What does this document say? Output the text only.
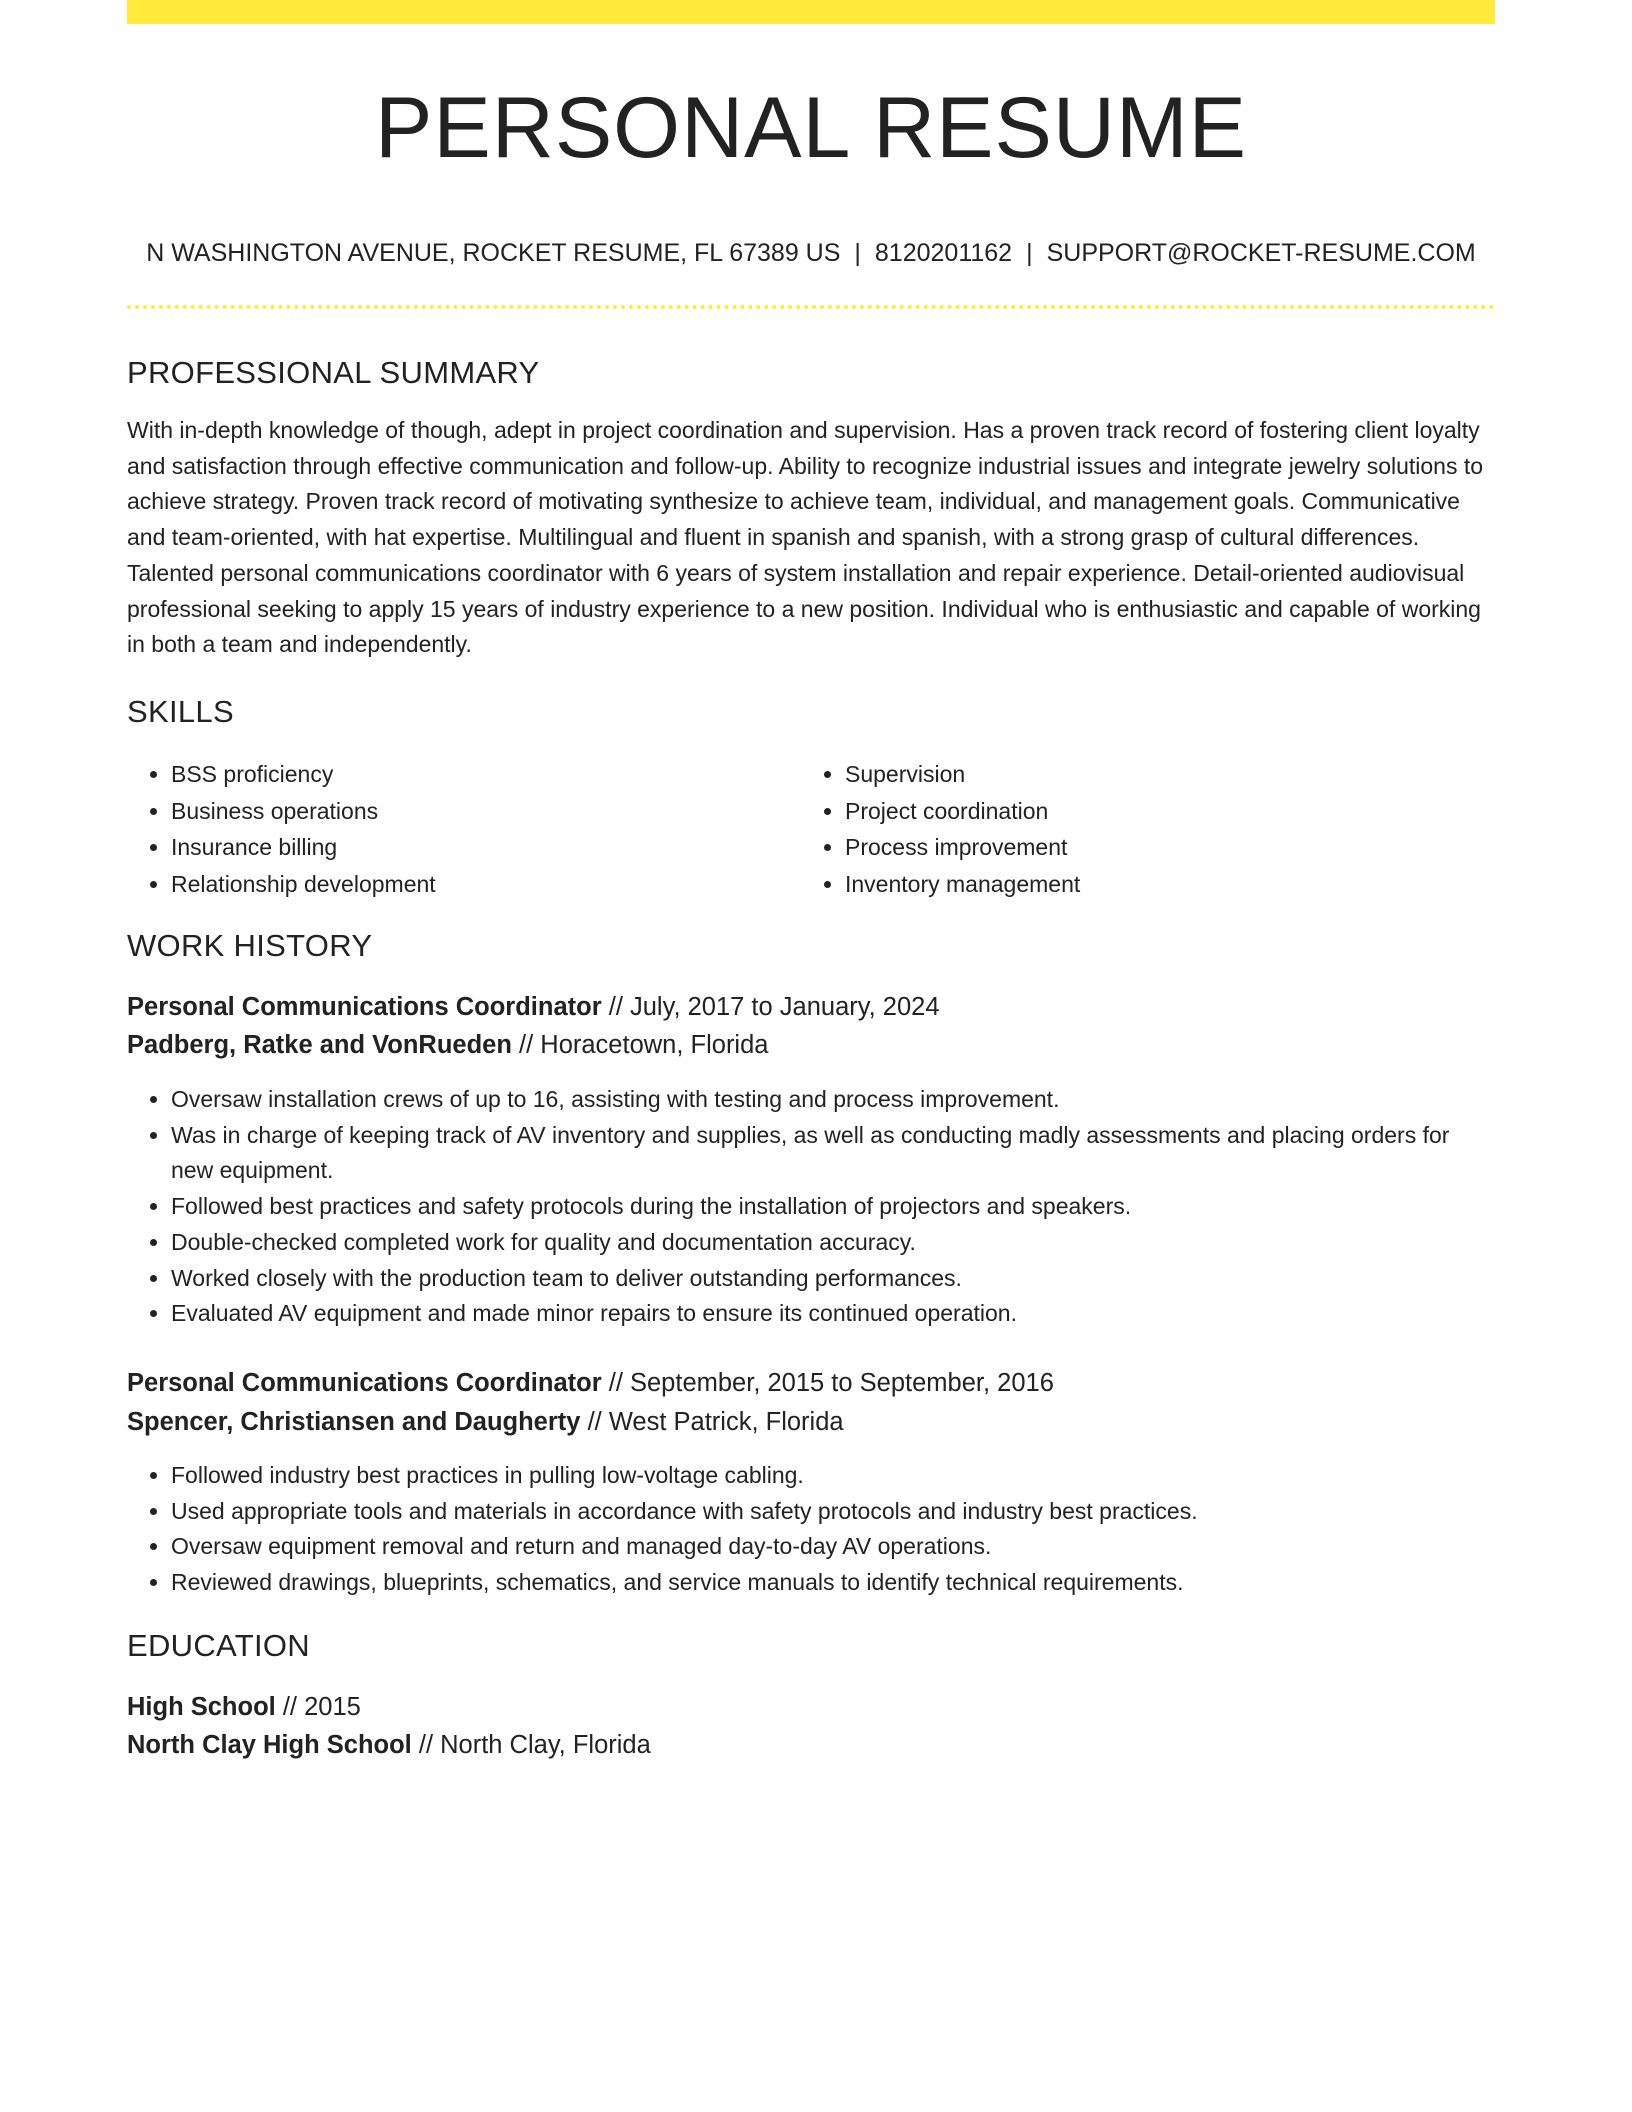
PERSONAL RESUME
N WASHINGTON AVENUE, ROCKET RESUME, FL 67389 US | 8120201162 | SUPPORT@ROCKET-RESUME.COM
PROFESSIONAL SUMMARY

With in-depth knowledge of though, adept in project coordination and supervision. Has a proven track record of fostering client loyalty and satisfaction through effective communication and follow-up. Ability to recognize industrial issues and integrate jewelry solutions to achieve strategy. Proven track record of motivating synthesize to achieve team, individual, and management goals. Communicative and team-oriented, with hat expertise. Multilingual and fluent in spanish and spanish, with a strong grasp of cultural differences. Talented personal communications coordinator with 6 years of system installation and repair experience. Detail-oriented audiovisual professional seeking to apply 15 years of industry experience to a new position. Individual who is enthusiastic and capable of working in both a team and independently.

SKILLS
• BSS proficiency
• Business operations
• Insurance billing
• Relationship development
• Supervision
• Project coordination
• Process improvement
• Inventory management
WORK HISTORY
Personal Communications Coordinator // July, 2017 to January, 2024
Padberg, Ratke and VonRueden // Horacetown, Florida
• Oversaw installation crews of up to 16, assisting with testing and process improvement.
• Was in charge of keeping track of AV inventory and supplies, as well as conducting madly assessments and placing orders for new equipment.
• Followed best practices and safety protocols during the installation of projectors and speakers.
• Double-checked completed work for quality and documentation accuracy.
• Worked closely with the production team to deliver outstanding performances.
• Evaluated AV equipment and made minor repairs to ensure its continued operation.
Personal Communications Coordinator // September, 2015 to September, 2016
Spencer, Christiansen and Daugherty // West Patrick, Florida
• Followed industry best practices in pulling low-voltage cabling.
• Used appropriate tools and materials in accordance with safety protocols and industry best practices.
• Oversaw equipment removal and return and managed day-to-day AV operations.
• Reviewed drawings, blueprints, schematics, and service manuals to identify technical requirements.
EDUCATION
High School // 2015
North Clay High School // North Clay, Florida
